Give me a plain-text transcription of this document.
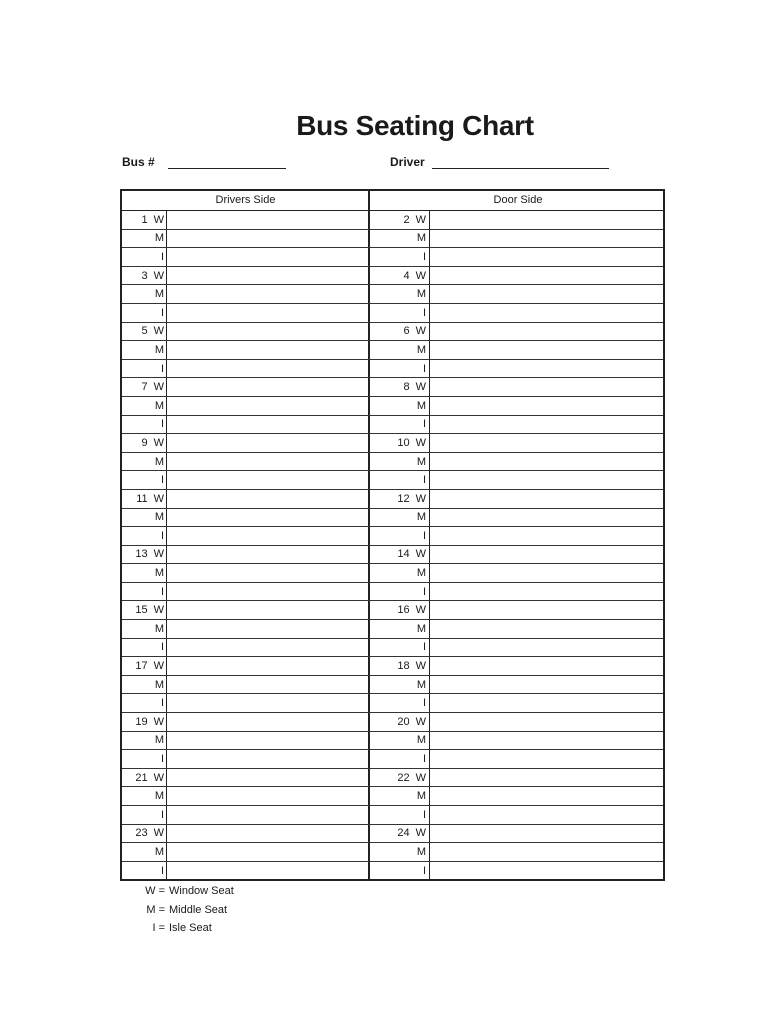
Bus Seating Chart
Bus #	Driver
Drivers Side	Door Side
1 W	2 W
M	M
I	I
3 W	4 W
M	M
I	I
5 W	6 W
M	M
I	I
7 W	8 W
M	M
I	I
9 W	10 W
M	M
I	I
11 W	12 W
M	M
I	I
13 W	14 W
M	M
I	I
15 W	16 W
M	M
I	I
17 W	18 W
M	M
I	I
19 W	20 W
M	M
I	I
21 W	22 W
M	M
I	I
23 W	24 W
M	M
I	I
W = Window Seat
M = Middle Seat
I = Isle Seat
